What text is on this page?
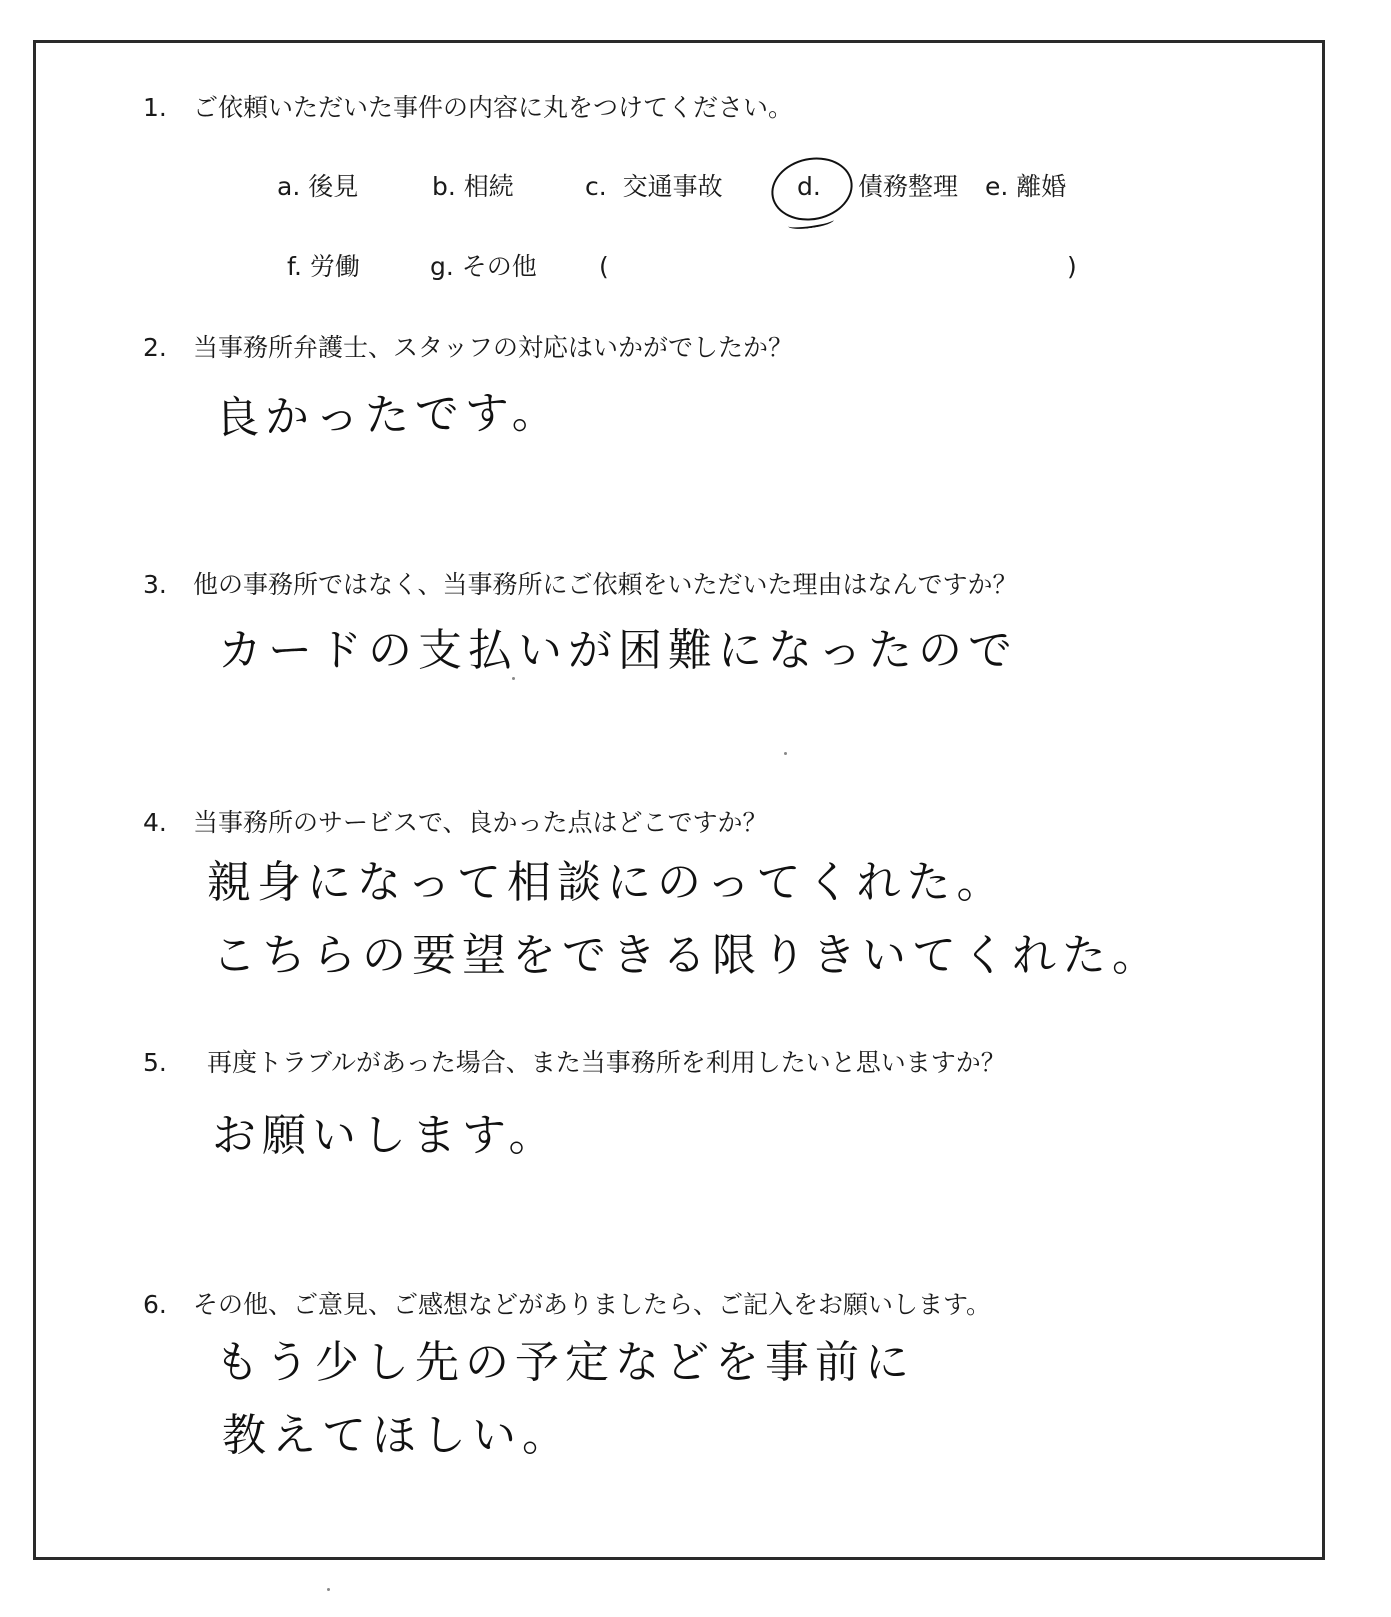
1. ご依頼いただいた事件の内容に丸をつけてください。
a. 後見	b. 相続	c. 交通事故	d. 債務整理 e. 離婚
f. 労働	g. その他 (	)
2. 当事務所弁護士、スタッフの対応はいかがでしたか？
良かったです。
3. 他の事務所ではなく、当事務所にご依頼をいただいた理由はなんですか？
カードの支払いが困難になったので
4. 当事務所のサービスで、良かった点はどこですか？
親身になって相談にのってくれた。
こちらの要望をできる限りきいてくれた。
5. 再度トラブルがあった場合、また当事務所を利用したいと思いますか？
お願いします。
6. その他、ご意見、ご感想などがありましたら、ご記入をお願いします。
もう少し先の予定などを事前に
教えてほしい。
